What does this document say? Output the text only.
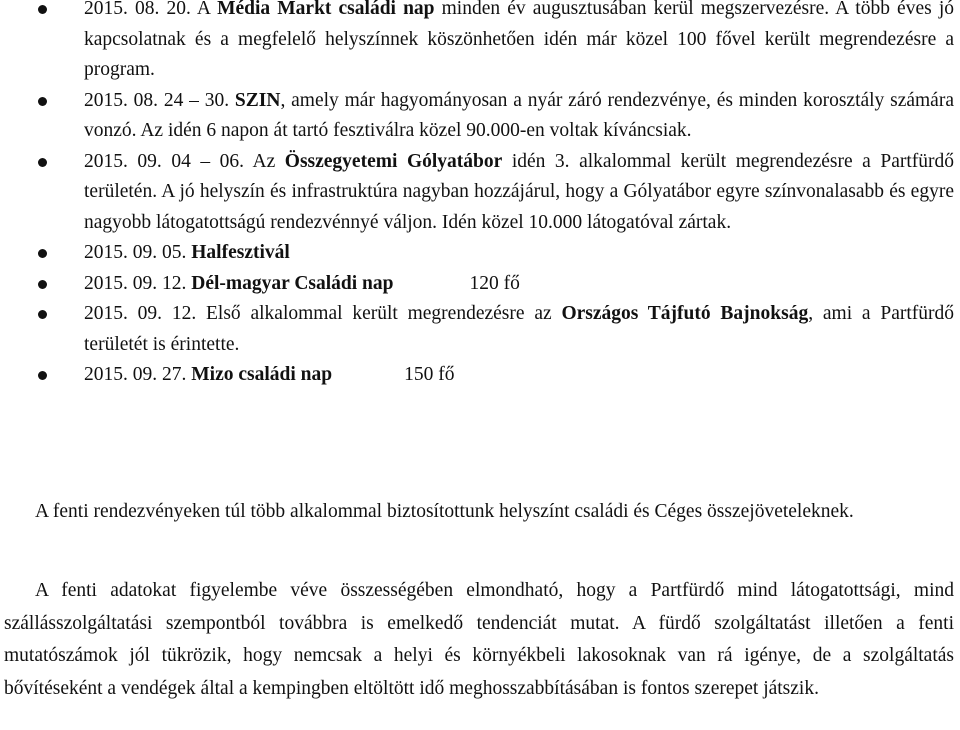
2015. 08. 20. A Média Markt családi nap minden év augusztusában kerül megszervezésre. A több éves jó kapcsolatnak és a megfelelő helyszínnek köszönhetően idén már közel 100 fővel került megrendezésre a program.
2015. 08. 24 – 30. SZIN, amely már hagyományosan a nyár záró rendezvénye, és minden korosztály számára vonzó. Az idén 6 napon át tartó fesztiválra közel 90.000-en voltak kíváncsiak.
2015. 09. 04 – 06. Az Összegyetemi Gólyatábor idén 3. alkalommal került megrendezésre a Partfürdő területén. A jó helyszín és infrastruktúra nagyban hozzájárul, hogy a Gólyatábor egyre színvonalasabb és egyre nagyobb látogatottságú rendezvénnyé váljon. Idén közel 10.000 látogatóval zártak.
2015. 09. 05. Halfesztivál
2015. 09. 12. Dél-magyar Családi nap	120 fő
2015. 09. 12. Első alkalommal került megrendezésre az Országos Tájfutó Bajnokság, ami a Partfürdő területét is érintette.
2015. 09. 27. Mizo családi nap	150 fő

A fenti rendezvényeken túl több alkalommal biztosítottunk helyszínt családi és Céges összejöveteleknek.

A fenti adatokat figyelembe véve összességében elmondható, hogy a Partfürdő mind látogatottsági, mind szállásszolgáltatási szempontból továbbra is emelkedő tendenciát mutat. A fürdő szolgáltatást illetően a fenti mutatószámok jól tükrözik, hogy nemcsak a helyi és környékbeli lakosoknak van rá igénye, de a szolgáltatás bővítéseként a vendégek által a kempingben eltöltött idő meghosszabbításában is fontos szerepet játszik.
